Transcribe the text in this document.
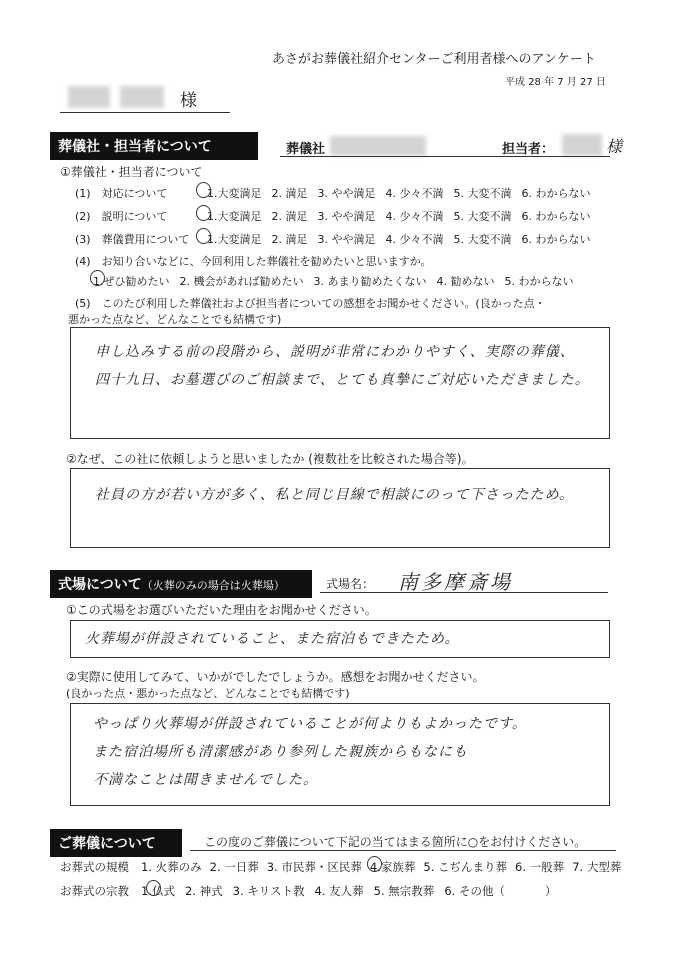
あさがお葬儀社紹介センターご利用者様へのアンケート
平成 28 年 7 月 27 日
様
葬儀社・担当者について	葬儀社	担当者：	様
①葬儀社・担当者について
(1)　対応について	1.大変満足 2. 満足 3. やや満足 4. 少々不満 5. 大変不満 6. わからない
(2)　説明について	1.大変満足 2. 満足 3. やや満足 4. 少々不満 5. 大変不満 6. わからない
(3)　葬儀費用について 1.大変満足 2. 満足 3. やや満足 4. 少々不満 5. 大変不満 6. わからない
(4)　お知り合いなどに、今回利用した葬儀社を勧めたいと思いますか。
1.ぜひ勧めたい 2. 機会があれば勧めたい 3. あまり勧めたくない 4. 勧めない 5. わからない
(5)　このたび利用した葬儀社および担当者についての感想をお聞かせください。(良かった点・
悪かった点など、どんなことでも結構です)
申し込みする前の段階から、説明が非常にわかりやすく、実際の葬儀、
四十九日、お墓選びのご相談まで、とても真摯にご対応いただきました。
②なぜ、この社に依頼しようと思いましたか (複数社を比較された場合等)。
社員の方が若い方が多く、私と同じ目線で相談にのって下さったため。
式場について（火葬のみの場合は火葬場）	式場名： 南多摩斎場
①この式場をお選びいただいた理由をお聞かせください。
火葬場が併設されていること、また宿泊もできたため。
②実際に使用してみて、いかがでしたでしょうか。感想をお聞かせください。
(良かった点・悪かった点など、どんなことでも結構です)
やっぱり火葬場が併設されていることが何よりもよかったです。
また宿泊場所も清潔感があり参列した親族からもなにも
不満なことは聞きませんでした。
ご葬儀について	この度のご葬儀について下記の当てはまる箇所に○をお付けください。
お葬式の規模 1. 火葬のみ 2. 一日葬 3. 市民葬・区民葬 4.家族葬 5. こぢんまり葬 6. 一般葬 7. 大型葬
お葬式の宗教 1.仏式 2. 神式 3. キリスト教 4. 友人葬 5. 無宗教葬 6. その他（	）
